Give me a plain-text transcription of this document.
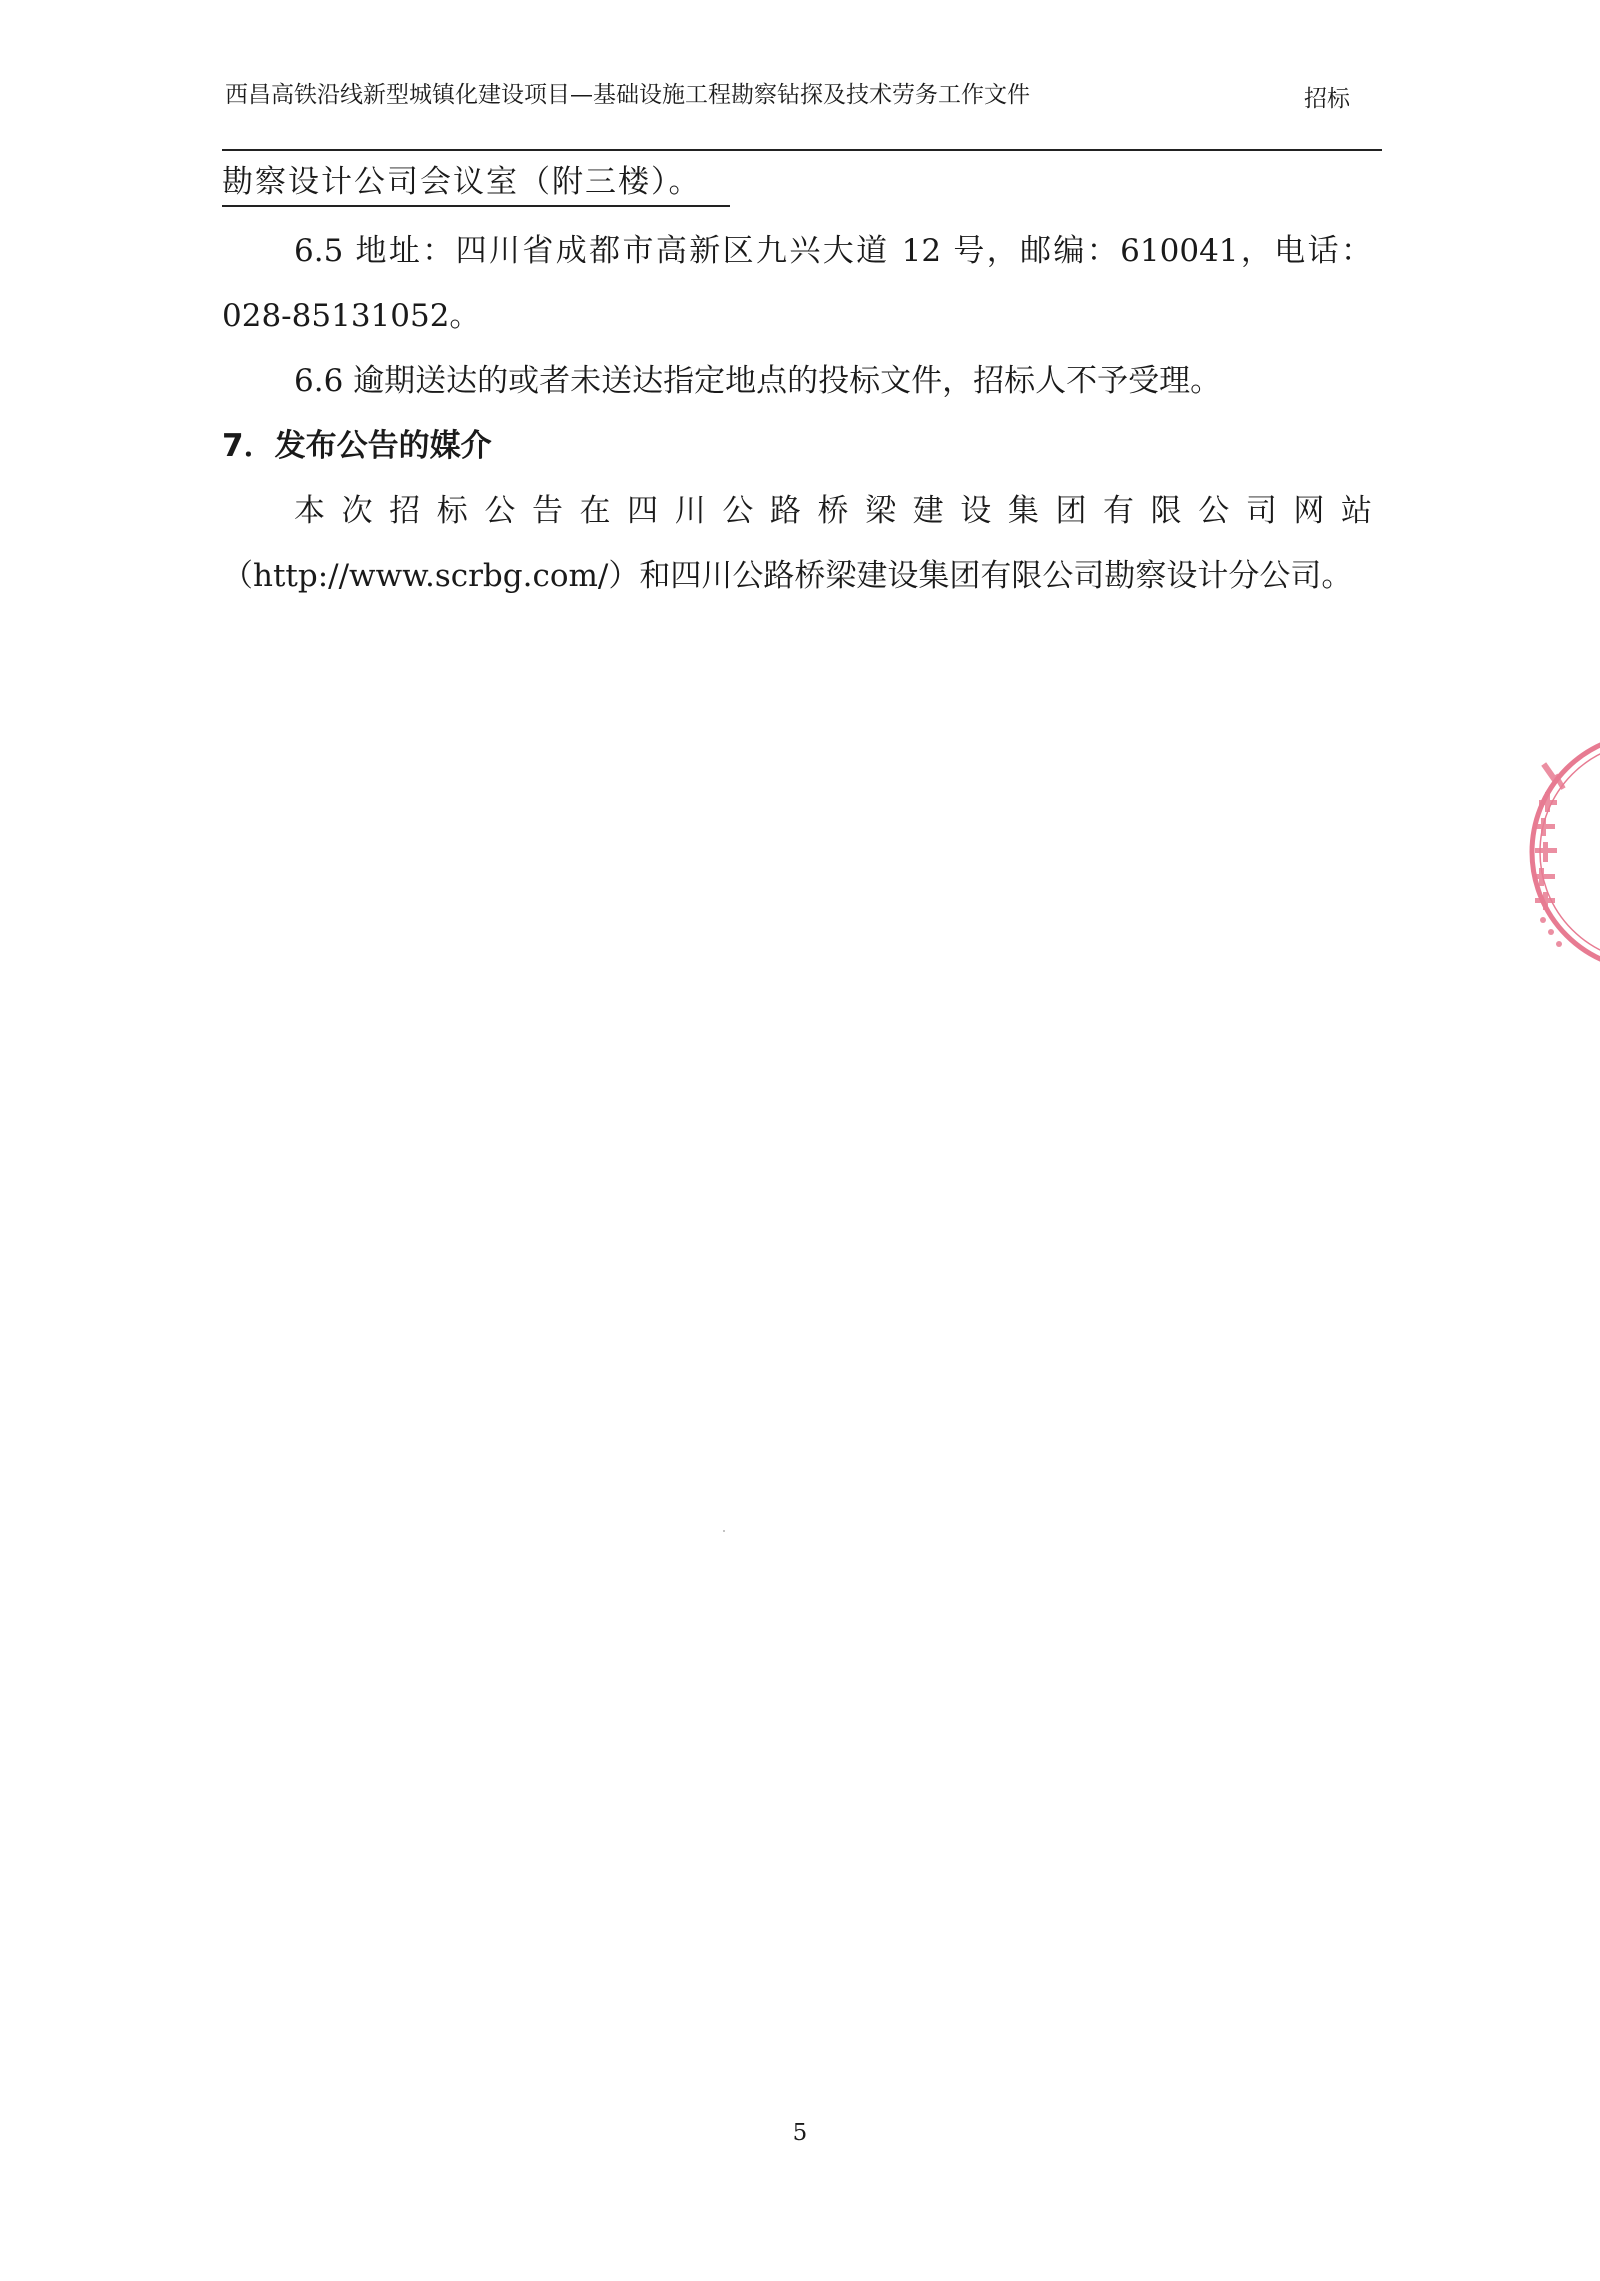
西昌高铁沿线新型城镇化建设项目—基础设施工程勘察钻探及技术劳务工作文件	招标
勘察设计公司会议室（附三楼）。

6.5 地址：四川省成都市高新区九兴大道 12 号，邮编：610041，电话：028-85131052。

6.6 逾期送达的或者未送达指定地点的投标文件，招标人不予受理。

7．发布公告的媒介

本次招标公告在四川公路桥梁建设集团有限公司网站

（http://www.scrbg.com/）和四川公路桥梁建设集团有限公司勘察设计分公司。

5
